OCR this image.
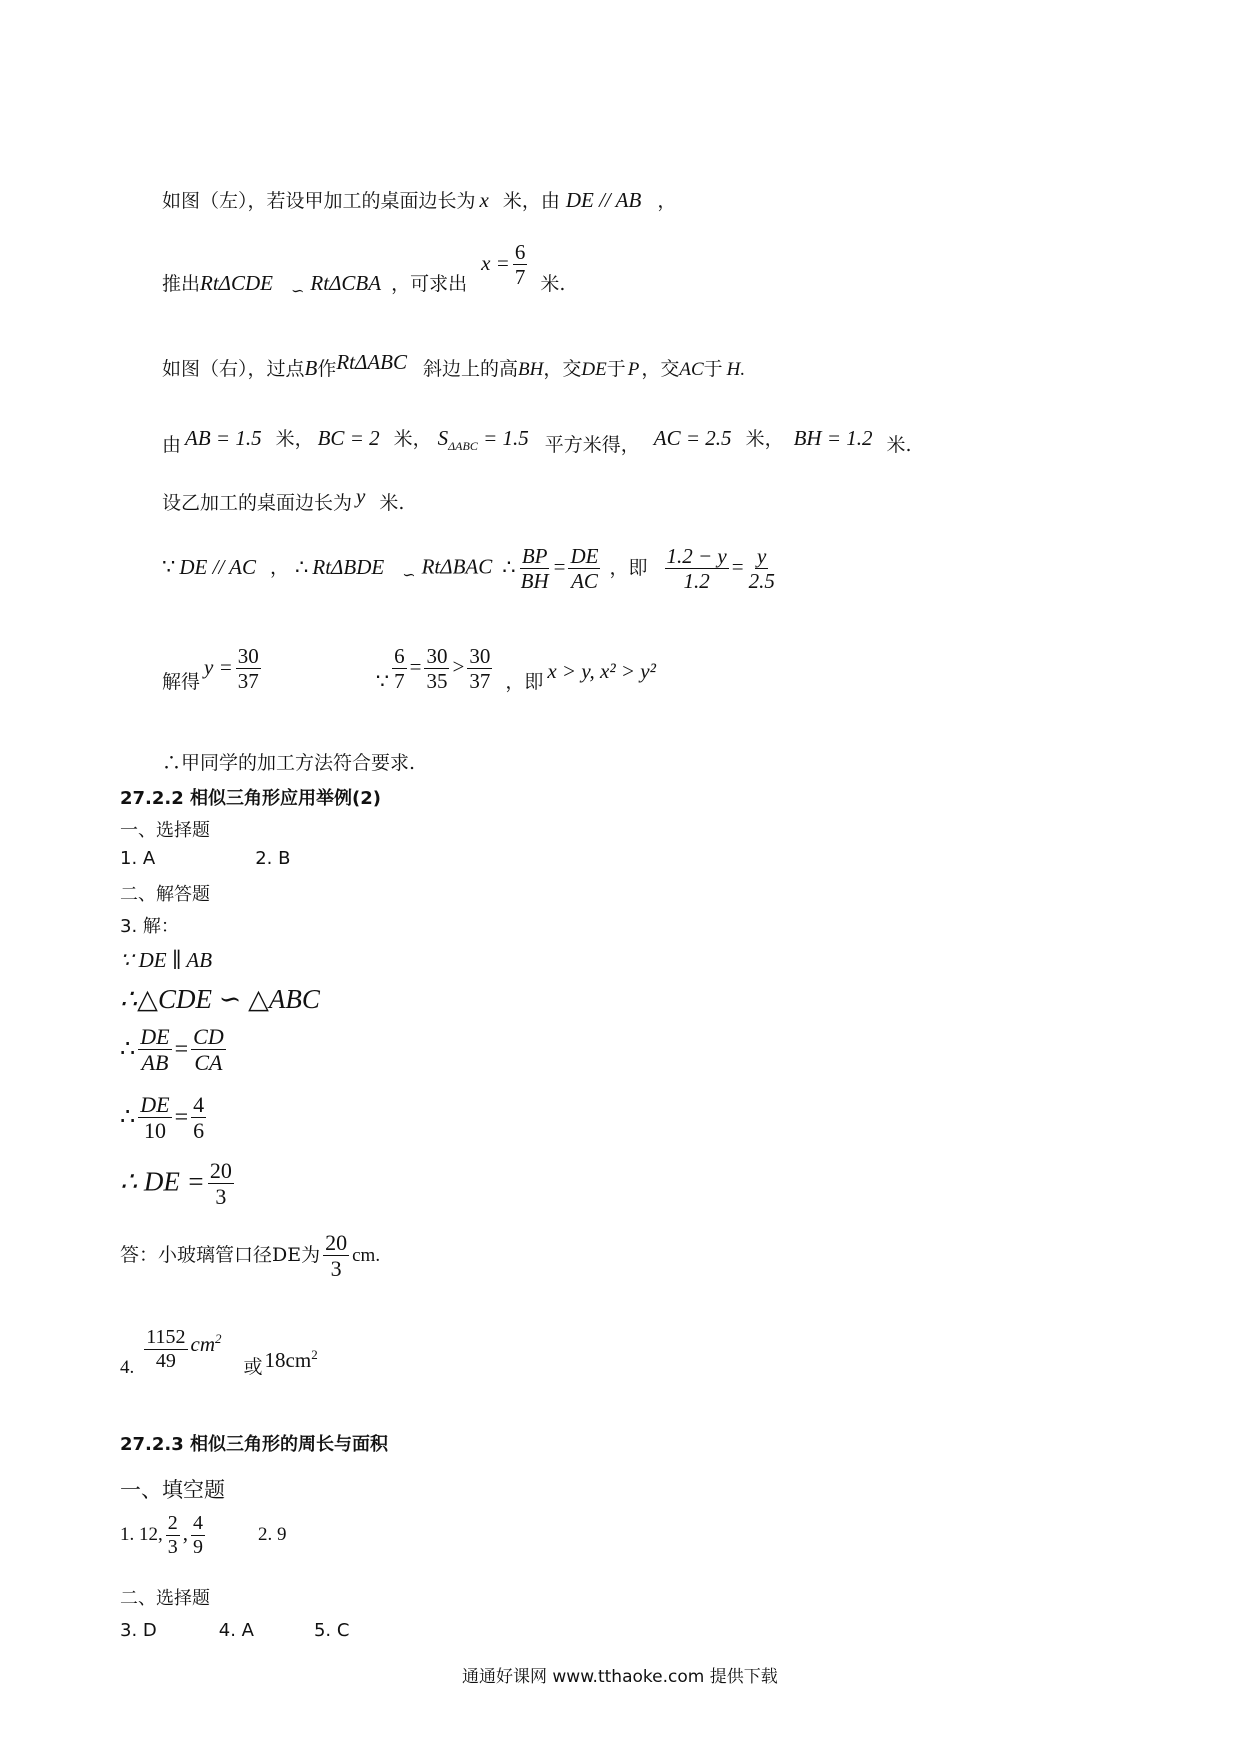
如图（左），若设甲加工的桌面边长为 x 米，由 DE // AB ，
推出RtΔCDE $_∽$ RtΔCBA ，可求出$x = \frac{6}{7}$ 米.
如图（右），过点B作RtΔABC 斜边上的高BH，交DE于 P ，交AC于 H.
由 AB = 1.5 米， BC = 2 米， $S_{\Delta ABC} = 1.5$ 平方米得， AC = 2.5 米， BH = 1.2 米.
设乙加工的桌面边长为 y 米.
∵ DE // AC ， ∴ RtΔBDE $_∽$ RtΔBAC ∴ $\frac{BP}{BH} = \frac{DE}{AC}$ ，即 $\frac{1.2 - y}{1.2} = \frac{y}{2.5}$
解得$y = \frac{30}{37}$	∵ $\frac{6}{7} = \frac{30}{35} > \frac{30}{37}$ ，即 x > y, x² > y²
∴甲同学的加工方法符合要求.
27.2.2 相似三角形应用举例(2)
一、选择题
1. A	2. B
二、解答题
3. 解：
∵ DE ∥ AB
∴△CDE ∽ △ABC
∴ $\frac{DE}{AB} = \frac{CD}{CA}$
∴ $\frac{DE}{10} = \frac{4}{6}$
∴ DE = $\frac{20}{3}$
答：小玻璃管口径DE为 $\frac{20}{3}$ cm.
4. $\frac{1152}{49} cm^2$或$18cm^2$
27.2.3 相似三角形的周长与面积
一、填空题
1. 12, $\frac{2}{3}$ , $\frac{4}{9}$	2. 9
二、选择题
3. D	4. A	5. C
通通好课网 www.tthaoke.com 提供下载
